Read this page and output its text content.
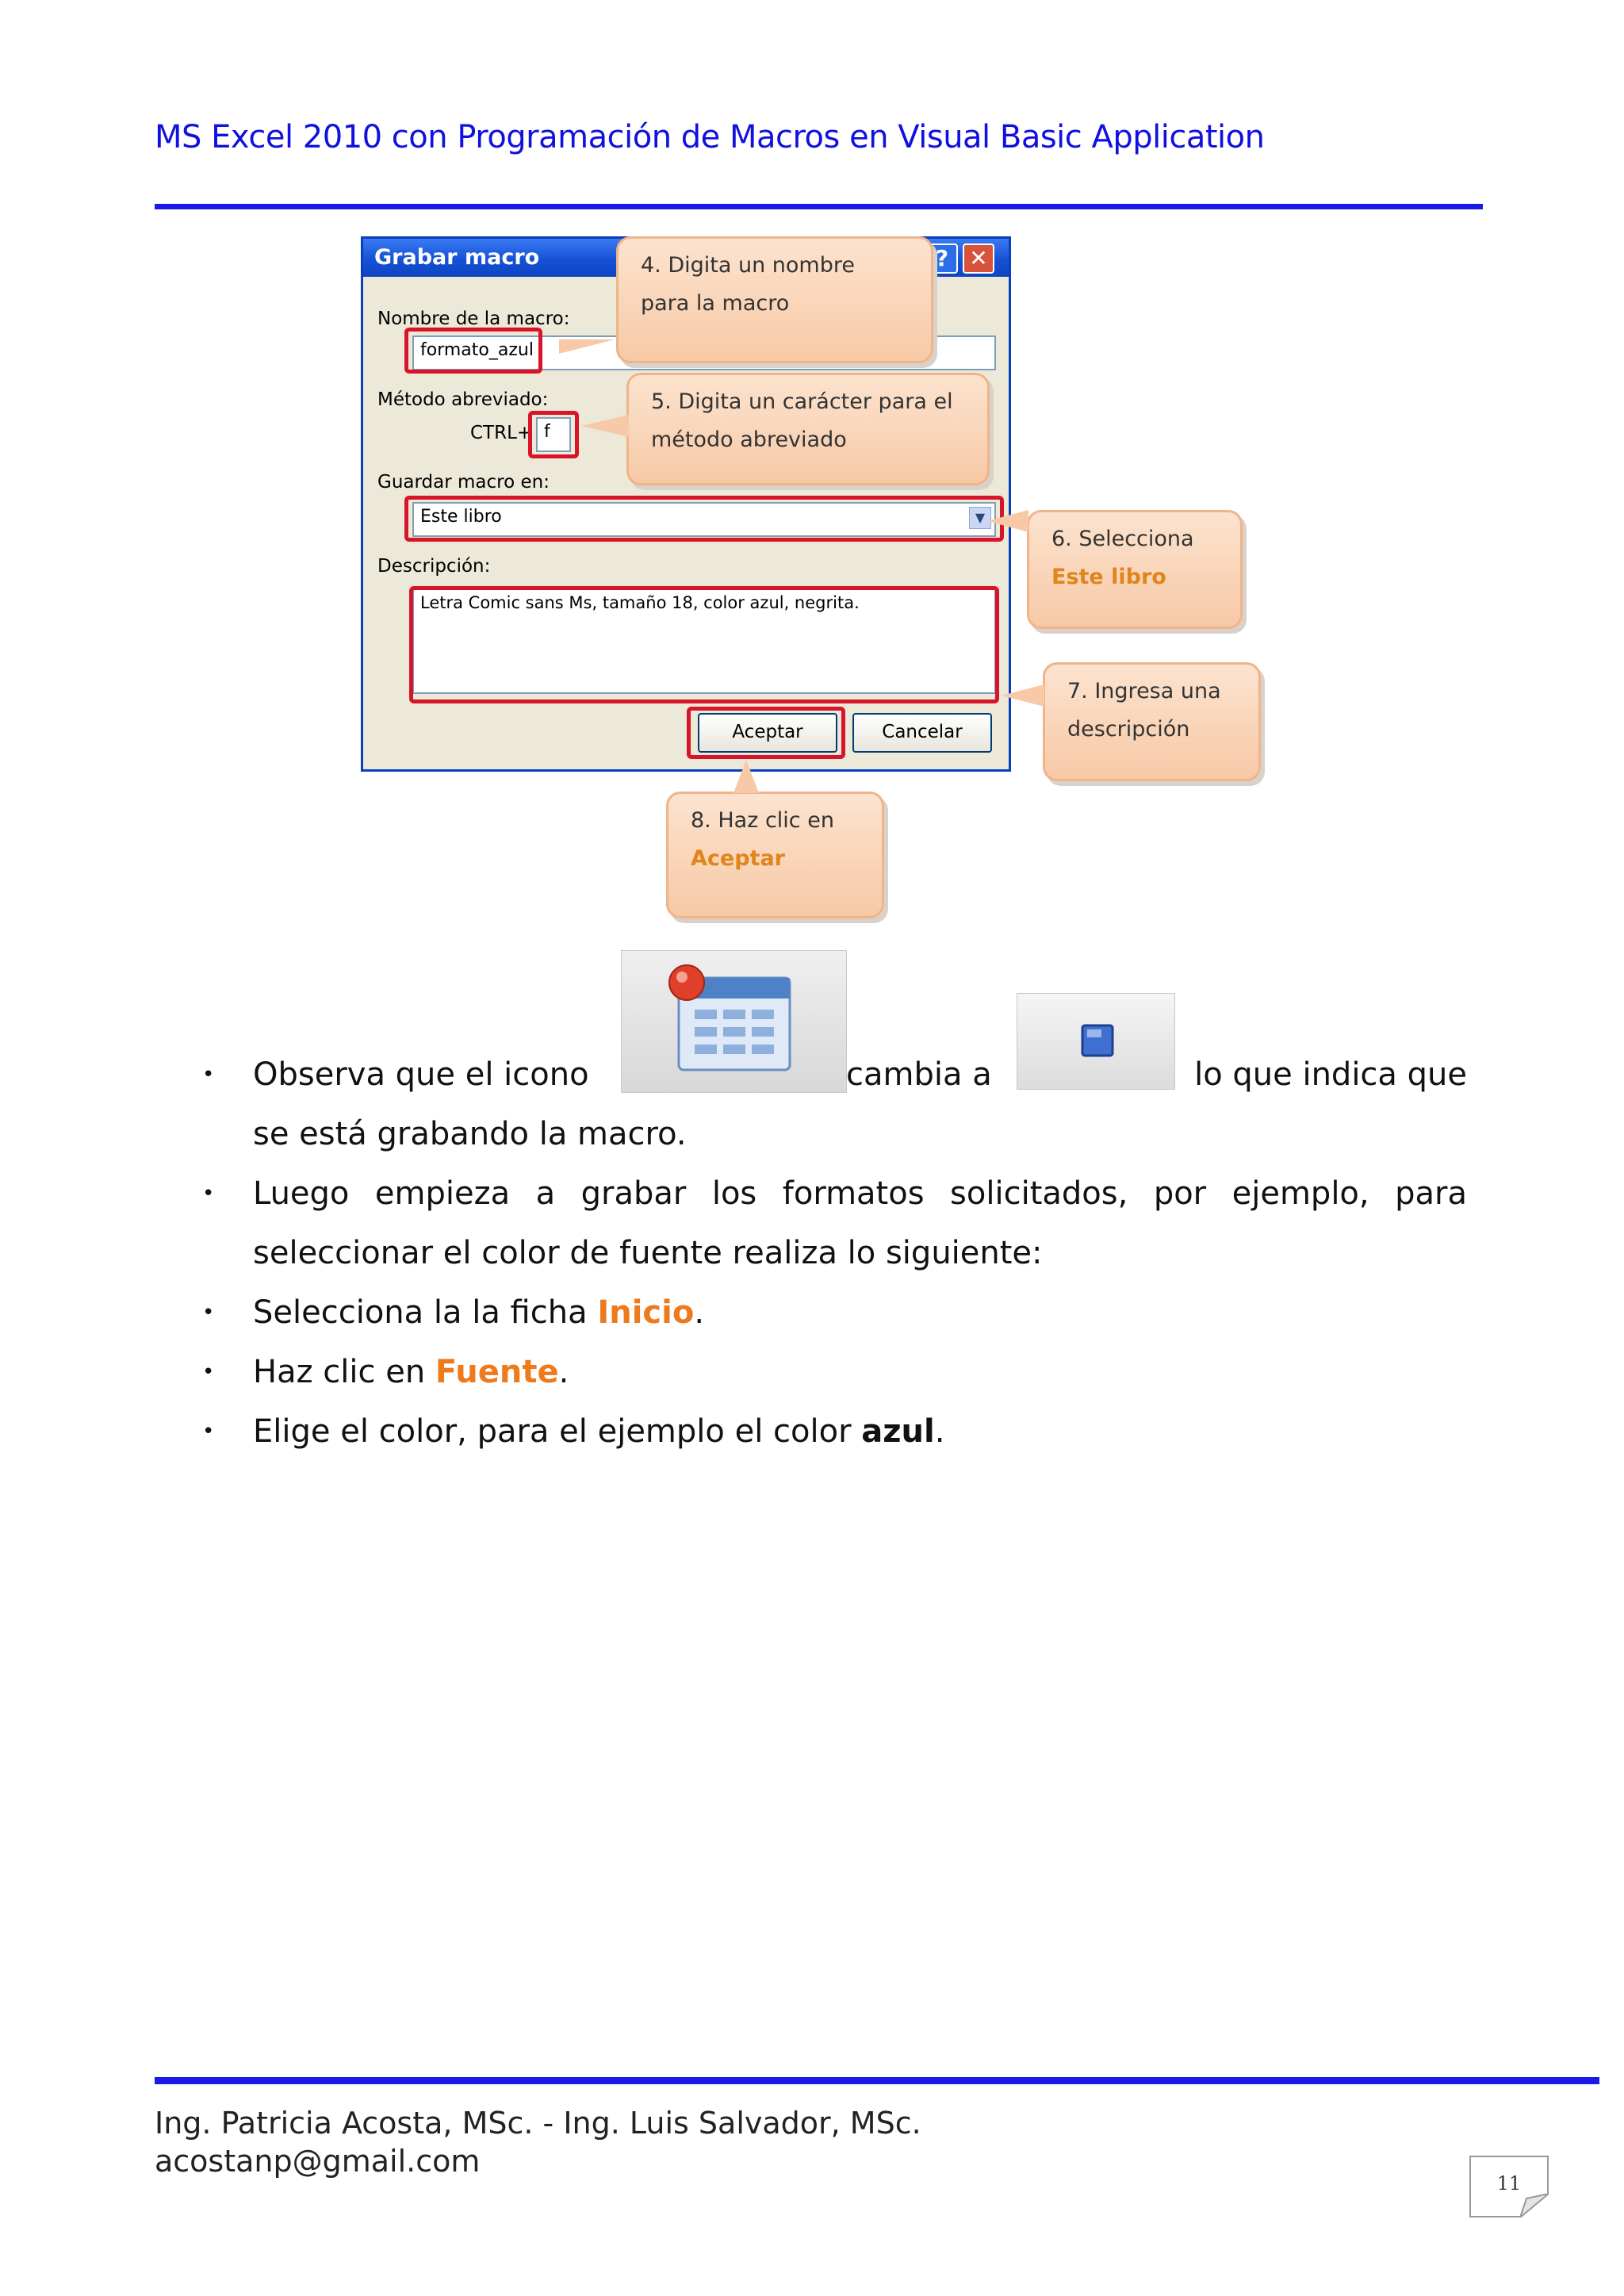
MS Excel 2010 con Programación de Macros en Visual Basic Application
Grabar macro	? ✕
Nombre de la macro:
formato_azul
Método abreviado:
CTRL+ f
Guardar macro en:
Este libro	▼
Descripción:
Letra Comic sans Ms, tamaño 18, color azul, negrita.
Aceptar	Cancelar
4. Digita un nombre
para la macro
5. Digita un carácter para el
método abreviado
6. Selecciona
Este libro
7. Ingresa una
descripción
8. Haz clic en
Aceptar
• Observa que el icono	cambia a	lo que indica que
se está grabando la macro.
• Luego empieza a grabar los formatos solicitados, por ejemplo, para
seleccionar el color de fuente realiza lo siguiente:
• Selecciona la la ficha Inicio.
• Haz clic en Fuente.
• Elige el color, para el ejemplo el color azul.
Ing. Patricia Acosta, MSc. - Ing. Luis Salvador, MSc.
acostanp@gmail.com
11
